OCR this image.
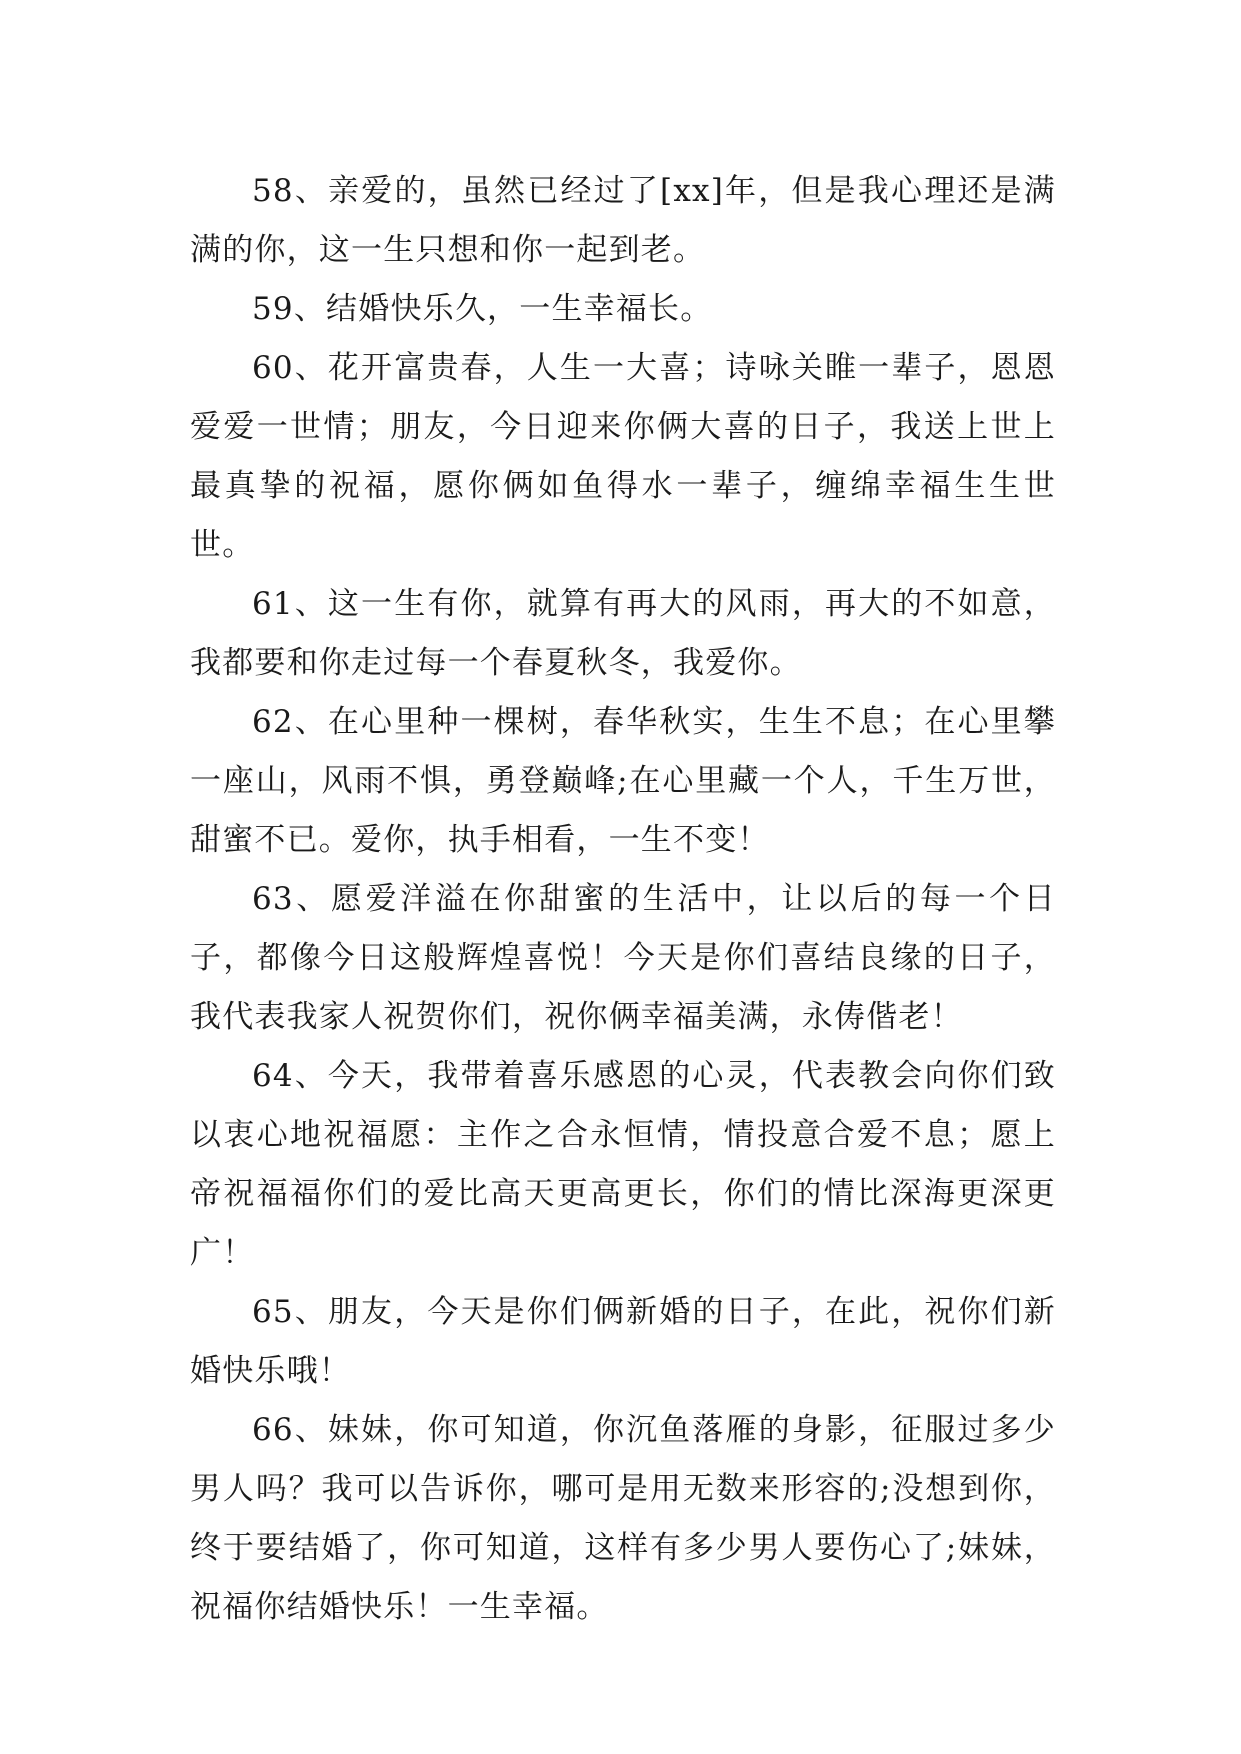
58、亲爱的，虽然已经过了[xx]年，但是我心理还是满满的你，这一生只想和你一起到老。

59、结婚快乐久，一生幸福长。

60、花开富贵春，人生一大喜；诗咏关睢一辈子，恩恩爱爱一世情；朋友，今日迎来你俩大喜的日子，我送上世上最真挚的祝福，愿你俩如鱼得水一辈子，缠绵幸福生生世世。

61、这一生有你，就算有再大的风雨，再大的不如意，我都要和你走过每一个春夏秋冬，我爱你。

62、在心里种一棵树，春华秋实，生生不息；在心里攀一座山，风雨不惧，勇登巅峰;在心里藏一个人，千生万世，甜蜜不已。爱你，执手相看，一生不变！

63、愿爱洋溢在你甜蜜的生活中，让以后的每一个日子，都像今日这般辉煌喜悦！今天是你们喜结良缘的日子，我代表我家人祝贺你们，祝你俩幸福美满，永俦偕老！

64、今天，我带着喜乐感恩的心灵，代表教会向你们致以衷心地祝福愿：主作之合永恒情，情投意合爱不息；愿上帝祝福福你们的爱比高天更高更长，你们的情比深海更深更广！

65、朋友，今天是你们俩新婚的日子，在此，祝你们新婚快乐哦！

66、妹妹，你可知道，你沉鱼落雁的身影，征服过多少男人吗？我可以告诉你，哪可是用无数来形容的;没想到你，终于要结婚了，你可知道，这样有多少男人要伤心了;妹妹，祝福你结婚快乐！一生幸福。
